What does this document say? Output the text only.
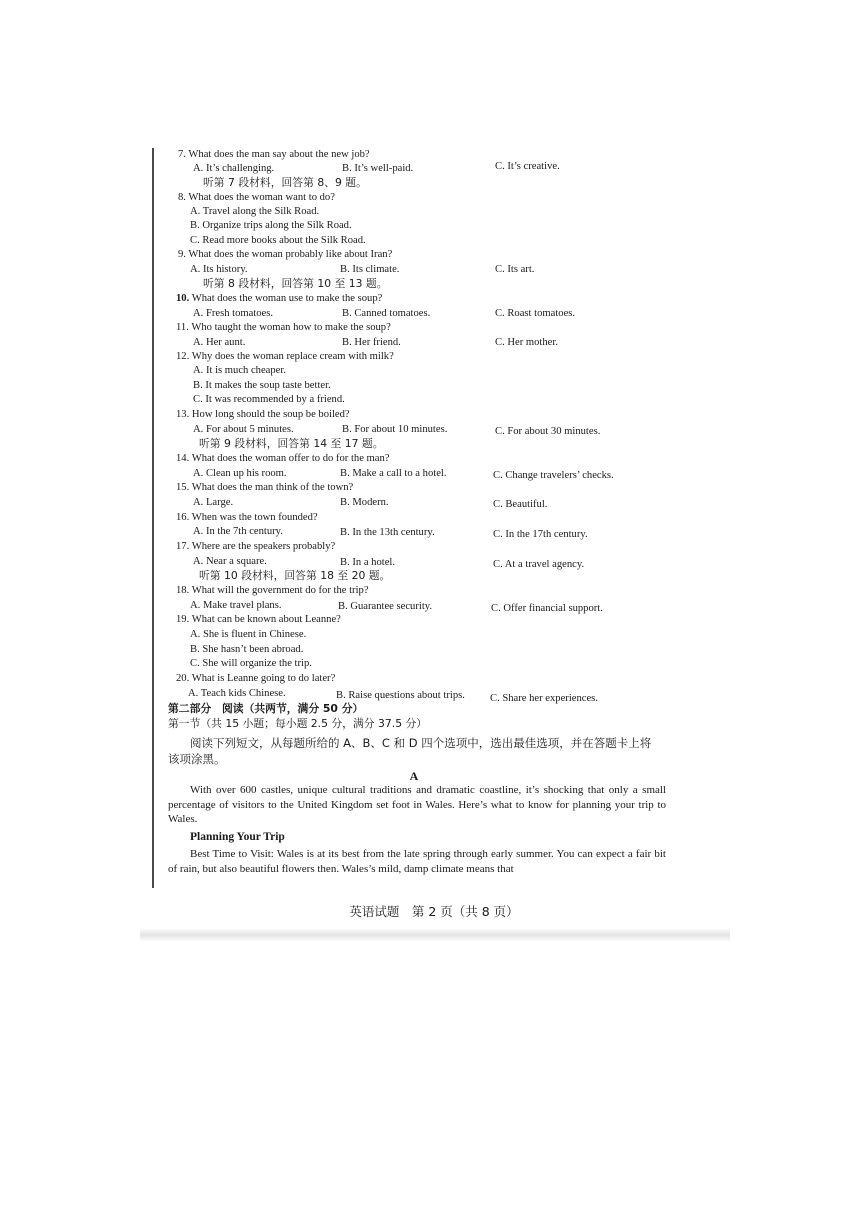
7. What does the man say about the new job?
A. It’s challenging.	B. It’s well-paid.	C. It’s creative.
听第 7 段材料，回答第 8、9 题。
8. What does the woman want to do?
A. Travel along the Silk Road.
B. Organize trips along the Silk Road.
C. Read more books about the Silk Road.
9. What does the woman probably like about Iran?
A. Its history.	B. Its climate.	C. Its art.
听第 8 段材料，回答第 10 至 13 题。
10. What does the woman use to make the soup?
A. Fresh tomatoes.	B. Canned tomatoes.	C. Roast tomatoes.
11. Who taught the woman how to make the soup?
A. Her aunt.	B. Her friend.	C. Her mother.
12. Why does the woman replace cream with milk?
A. It is much cheaper.
B. It makes the soup taste better.
C. It was recommended by a friend.
13. How long should the soup be boiled?
A. For about 5 minutes.	B. For about 10 minutes.	C. For about 30 minutes.
听第 9 段材料，回答第 14 至 17 题。
14. What does the woman offer to do for the man?
A. Clean up his room.	B. Make a call to a hotel.	C. Change travelers’ checks.
15. What does the man think of the town?
A. Large.	B. Modern.	C. Beautiful.
16. When was the town founded?
A. In the 7th century.	B. In the 13th century.	C. In the 17th century.
17. Where are the speakers probably?
A. Near a square.	B. In a hotel.	C. At a travel agency.
听第 10 段材料，回答第 18 至 20 题。
18. What will the government do for the trip?
A. Make travel plans.	B. Guarantee security.	C. Offer financial support.
19. What can be known about Leanne?
A. She is fluent in Chinese.
B. She hasn’t been abroad.
C. She will organize the trip.
20. What is Leanne going to do later?
A. Teach kids Chinese.	B. Raise questions about trips. C. Share her experiences.
第二部分　阅读（共两节，满分 50 分）
第一节（共 15 小题；每小题 2.5 分，满分 37.5 分）
阅读下列短文，从每题所给的 A、B、C 和 D 四个选项中，选出最佳选项，并在答题卡上将
该项涂黑。
A
With over 600 castles, unique cultural traditions and dramatic coastline, it’s shocking that only a small percentage of visitors to the United Kingdom set foot in Wales. Here’s what to know for planning your trip to Wales.
Planning Your Trip
Best Time to Visit: Wales is at its best from the late spring through early summer. You can expect a fair bit of rain, but also beautiful flowers then. Wales’s mild, damp climate means that
英语试题　第 2 页（共 8 页）
